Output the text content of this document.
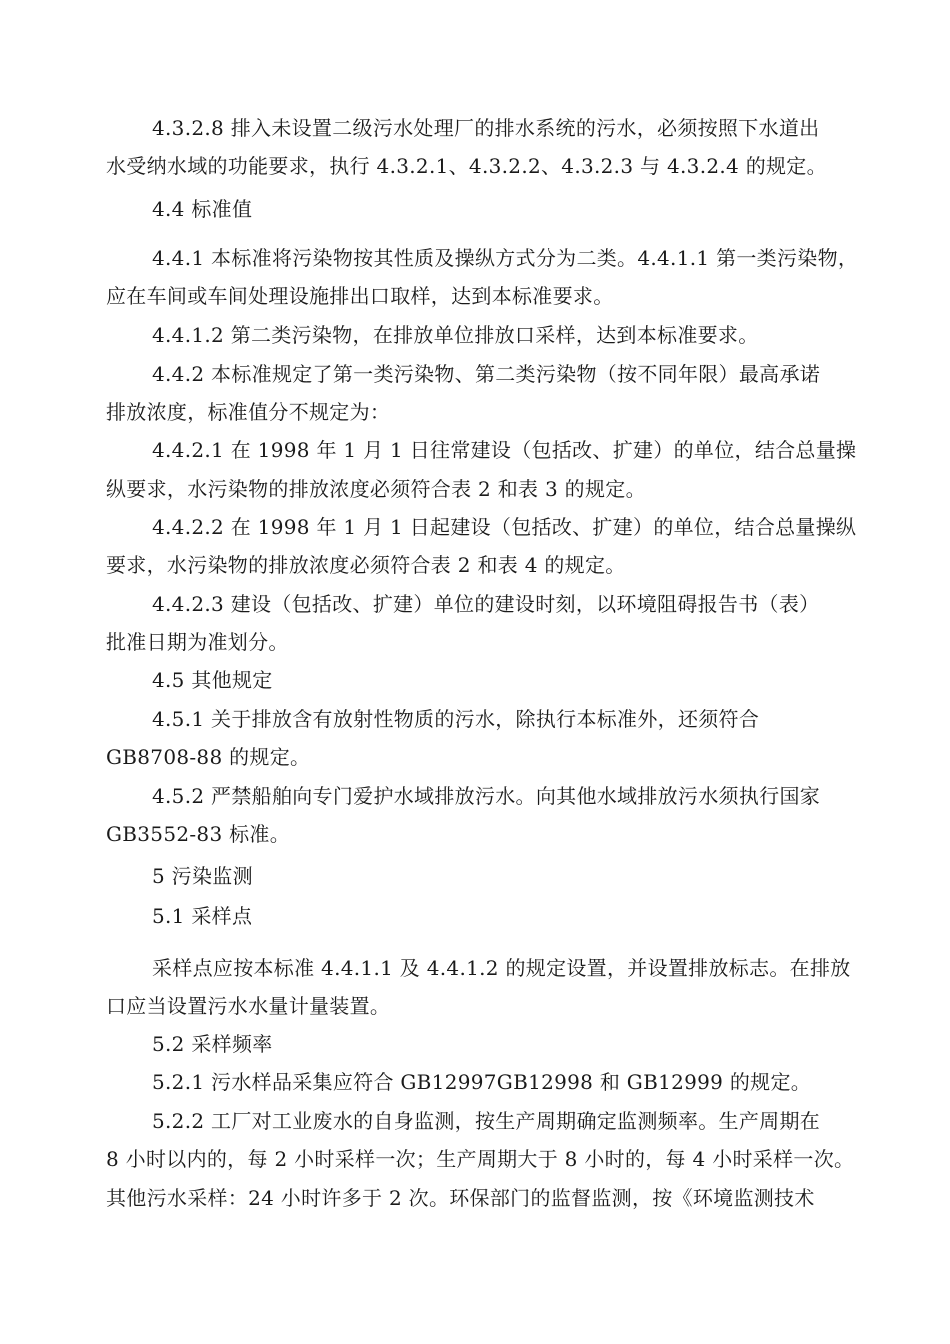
4.3.2.8 排入未设置二级污水处理厂的排水系统的污水，必须按照下水道出
水受纳水域的功能要求，执行 4.3.2.1、4.3.2.2、4.3.2.3 与 4.3.2.4 的规定。
4.4 标准值
4.4.1 本标准将污染物按其性质及操纵方式分为二类。4.4.1.1 第一类污染物，
应在车间或车间处理设施排出口取样，达到本标准要求。
4.4.1.2 第二类污染物，在排放单位排放口采样，达到本标准要求。
4.4.2 本标准规定了第一类污染物、第二类污染物（按不同年限）最高承诺
排放浓度，标准值分不规定为：
4.4.2.1 在 1998 年 1 月 1 日往常建设（包括改、扩建）的单位，结合总量操
纵要求，水污染物的排放浓度必须符合表 2 和表 3 的规定。
4.4.2.2 在 1998 年 1 月 1 日起建设（包括改、扩建）的单位，结合总量操纵
要求，水污染物的排放浓度必须符合表 2 和表 4 的规定。
4.4.2.3 建设（包括改、扩建）单位的建设时刻，以环境阻碍报告书（表）
批准日期为准划分。
4.5 其他规定
4.5.1 关于排放含有放射性物质的污水，除执行本标准外，还须符合
GB8708-88 的规定。
4.5.2 严禁船舶向专门爱护水域排放污水。向其他水域排放污水须执行国家
GB3552-83 标准。
5 污染监测
5.1 采样点
采样点应按本标准 4.4.1.1 及 4.4.1.2 的规定设置，并设置排放标志。在排放
口应当设置污水水量计量装置。
5.2 采样频率
5.2.1 污水样品采集应符合 GB12997GB12998 和 GB12999 的规定。
5.2.2 工厂对工业废水的自身监测，按生产周期确定监测频率。生产周期在
8 小时以内的，每 2 小时采样一次；生产周期大于 8 小时的，每 4 小时采样一次。
其他污水采样：24 小时许多于 2 次。环保部门的监督监测，按《环境监测技术
